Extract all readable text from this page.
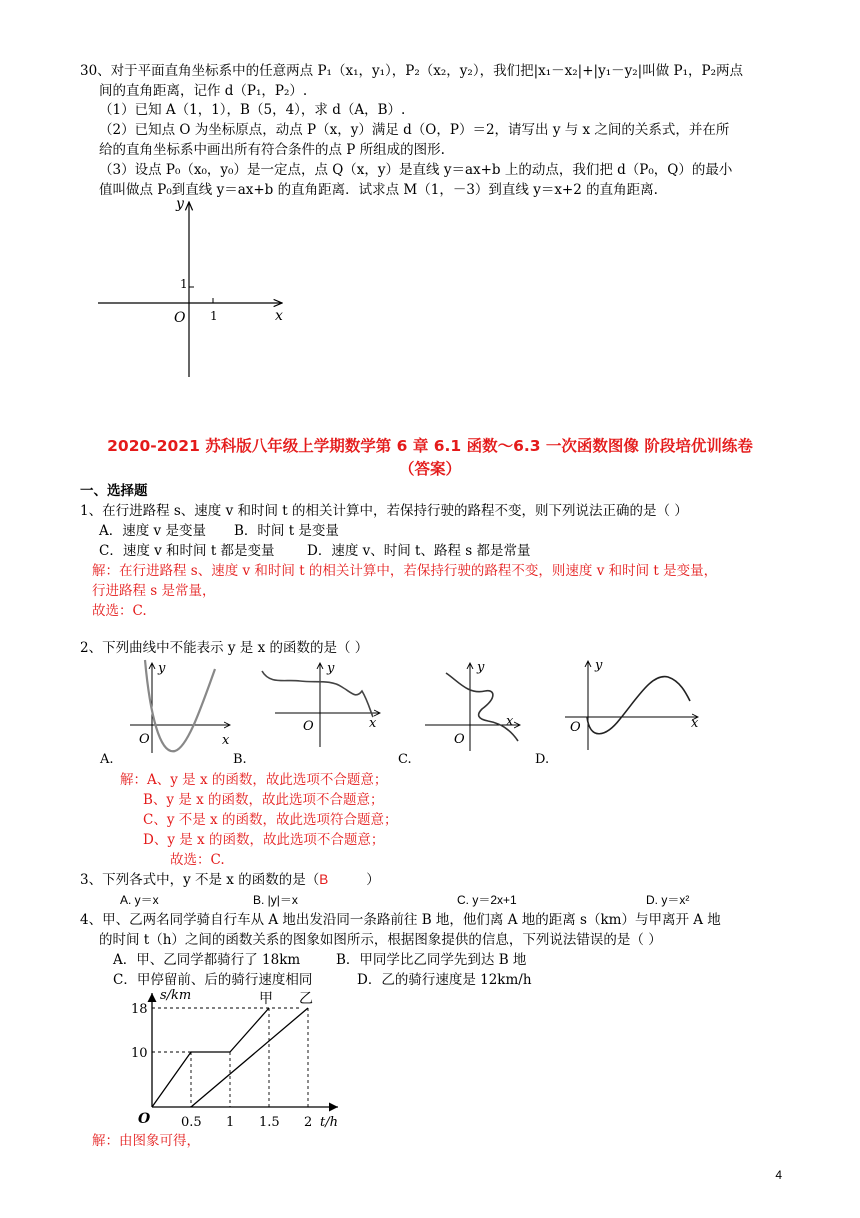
30、对于平面直角坐标系中的任意两点 P₁（x₁，y₁），P₂（x₂，y₂），我们把|x₁－x₂|+|y₁－y₂|叫做 P₁，P₂两点
间的直角距离，记作 d（P₁，P₂）.
（1）已知 A（1，1），B（5，4），求 d（A，B）.
（2）已知点 O 为坐标原点，动点 P（x，y）满足 d（O，P）＝2，请写出 y 与 x 之间的关系式，并在所
给的直角坐标系中画出所有符合条件的点 P 所组成的图形.
（3）设点 P₀（x₀，y₀）是一定点，点 Q（x，y）是直线 y＝ax+b 上的动点，我们把 d（P₀，Q）的最小
值叫做点 P₀到直线 y＝ax+b 的直角距离．试求点 M（1，－3）到直线 y＝x+2 的直角距离.
y
x
O
1
1
2020-2021 苏科版八年级上学期数学第 6 章 6.1 函数～6.3 一次函数图像 阶段培优训练卷
（答案）
一、选择题
1、在行进路程 s、速度 v 和时间 t 的相关计算中，若保持行驶的路程不变，则下列说法正确的是（ ）
A．速度 v 是变量 B．时间 t 是变量
C．速度 v 和时间 t 都是变量 D．速度 v、时间 t、路程 s 都是常量
解：在行进路程 s、速度 v 和时间 t 的相关计算中，若保持行驶的路程不变，则速度 v 和时间 t 是变量，
行进路程 s 是常量，
故选：C.
2、下列曲线中不能表示 y 是 x 的函数的是（ ）
y
x
O
A.
y
x
O
B.
y
x
O
C.
y
x
O
D.
解：A、y 是 x 的函数，故此选项不合题意；
B、y 是 x 的函数，故此选项不合题意；
C、y 不是 x 的函数，故此选项符合题意；
D、y 是 x 的函数，故此选项不合题意；
故选：C.
3、下列各式中，y 不是 x 的函数的是（B	）
A. y＝x	B. |y|＝x	C. y＝2x+1	D. y＝x²
4、甲、乙两名同学骑自行车从 A 地出发沿同一条路前往 B 地，他们离 A 地的距离 s（km）与甲离开 A 地
的时间 t（h）之间的函数关系的图象如图所示，根据图象提供的信息，下列说法错误的是（ ）
A．甲、乙同学都骑行了 18km	B．甲同学比乙同学先到达 B 地
C．甲停留前、后的骑行速度相同	D．乙的骑行速度是 12km/h
s/km
t/h
O
18
10
0.5 1 1.5 2
甲 乙
解：由图象可得，
4
